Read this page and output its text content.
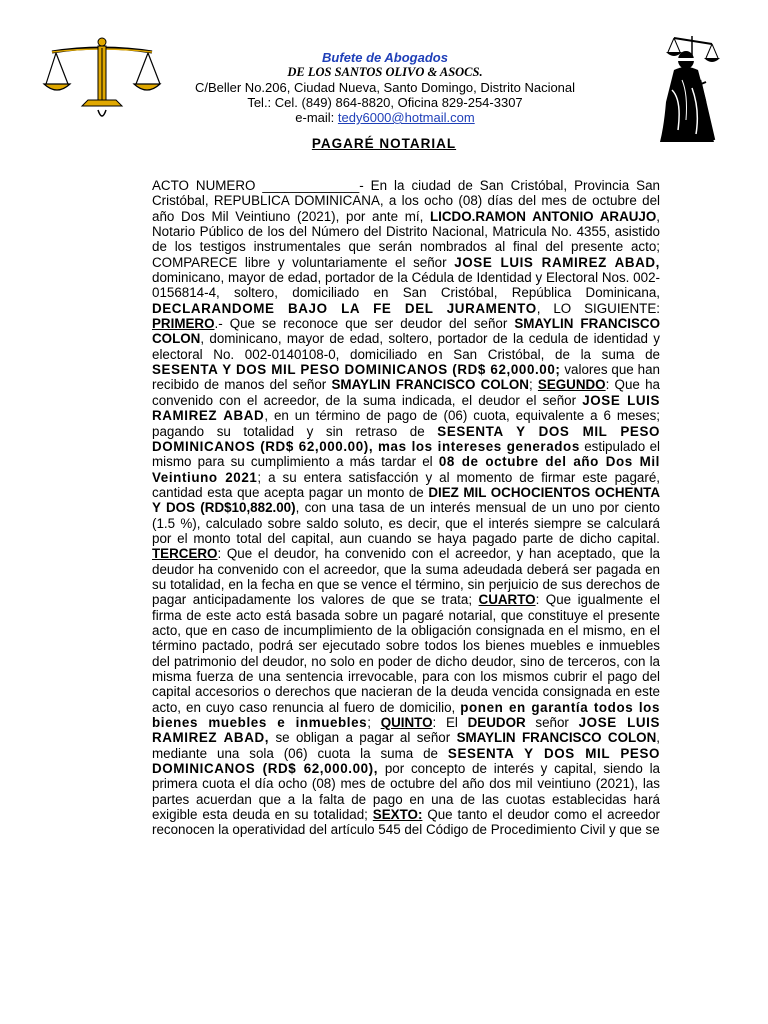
Bufete de Abogados
DE LOS SANTOS OLIVO & ASOCS.
C/Beller No.206, Ciudad Nueva, Santo Domingo, Distrito Nacional
Tel.: Cel. (849) 864-8820, Oficina 829-254-3307
e-mail: tedy6000@hotmail.com
PAGARÉ NOTARIAL

ACTO NUMERO _____________- En la ciudad de San Cristóbal, Provincia San Cristóbal, REPUBLICA DOMINICANA, a los ocho (08) días del mes de octubre del año Dos Mil Veintiuno (2021), por ante mí, LICDO.RAMON ANTONIO ARAUJO, Notario Público de los del Número del Distrito Nacional, Matricula No. 4355, asistido de los testigos instrumentales que serán nombrados al final del presente acto; COMPARECE libre y voluntariamente el señor JOSE LUIS RAMIREZ ABAD, dominicano, mayor de edad, portador de la Cédula de Identidad y Electoral Nos. 002-0156814-4, soltero, domiciliado en San Cristóbal, República Dominicana, DECLARANDOME BAJO LA FE DEL JURAMENTO, LO SIGUIENTE: PRIMERO.- Que se reconoce que ser deudor del señor SMAYLIN FRANCISCO COLON, dominicano, mayor de edad, soltero, portador de la cedula de identidad y electoral No. 002-0140108-0, domiciliado en San Cristóbal, de la suma de SESENTA Y DOS MIL PESO DOMINICANOS (RD$ 62,000.00; valores que han recibido de manos del señor SMAYLIN FRANCISCO COLON; SEGUNDO: Que ha convenido con el acreedor, de la suma indicada, el deudor el señor JOSE LUIS RAMIREZ ABAD, en un término de pago de (06) cuota, equivalente a 6 meses; pagando su totalidad y sin retraso de SESENTA Y DOS MIL PESO DOMINICANOS (RD$ 62,000.00), mas los intereses generados estipulado el mismo para su cumplimiento a más tardar el 08 de octubre del año Dos Mil Veintiuno 2021; a su entera satisfacción y al momento de firmar este pagaré, cantidad esta que acepta pagar un monto de DIEZ MIL OCHOCIENTOS OCHENTA Y DOS (RD$10,882.00), con una tasa de un interés mensual de un uno por ciento (1.5 %), calculado sobre saldo soluto, es decir, que el interés siempre se calculará por el monto total del capital, aun cuando se haya pagado parte de dicho capital. TERCERO: Que el deudor, ha convenido con el acreedor, y han aceptado, que la deudor ha convenido con el acreedor, que la suma adeudada deberá ser pagada en su totalidad, en la fecha en que se vence el término, sin perjuicio de sus derechos de pagar anticipadamente los valores de que se trata; CUARTO: Que igualmente el firma de este acto está basada sobre un pagaré notarial, que constituye el presente acto, que en caso de incumplimiento de la obligación consignada en el mismo, en el término pactado, podrá ser ejecutado sobre todos los bienes muebles e inmuebles del patrimonio del deudor, no solo en poder de dicho deudor, sino de terceros, con la misma fuerza de una sentencia irrevocable, para con los mismos cubrir el pago del capital accesorios o derechos que nacieran de la deuda vencida consignada en este acto, en cuyo caso renuncia al fuero de domicilio, ponen en garantía todos los bienes muebles e inmuebles; QUINTO: El DEUDOR señor JOSE LUIS RAMIREZ ABAD, se obligan a pagar al señor SMAYLIN FRANCISCO COLON, mediante una sola (06) cuota la suma de SESENTA Y DOS MIL PESO DOMINICANOS (RD$ 62,000.00), por concepto de interés y capital, siendo la primera cuota el día ocho (08) mes de octubre del año dos mil veintiuno (2021), las partes acuerdan que a la falta de pago en una de las cuotas establecidas hará exigible esta deuda en su totalidad; SEXTO: Que tanto el deudor como el acreedor reconocen la operatividad del artículo 545 del Código de Procedimiento Civil y que se
